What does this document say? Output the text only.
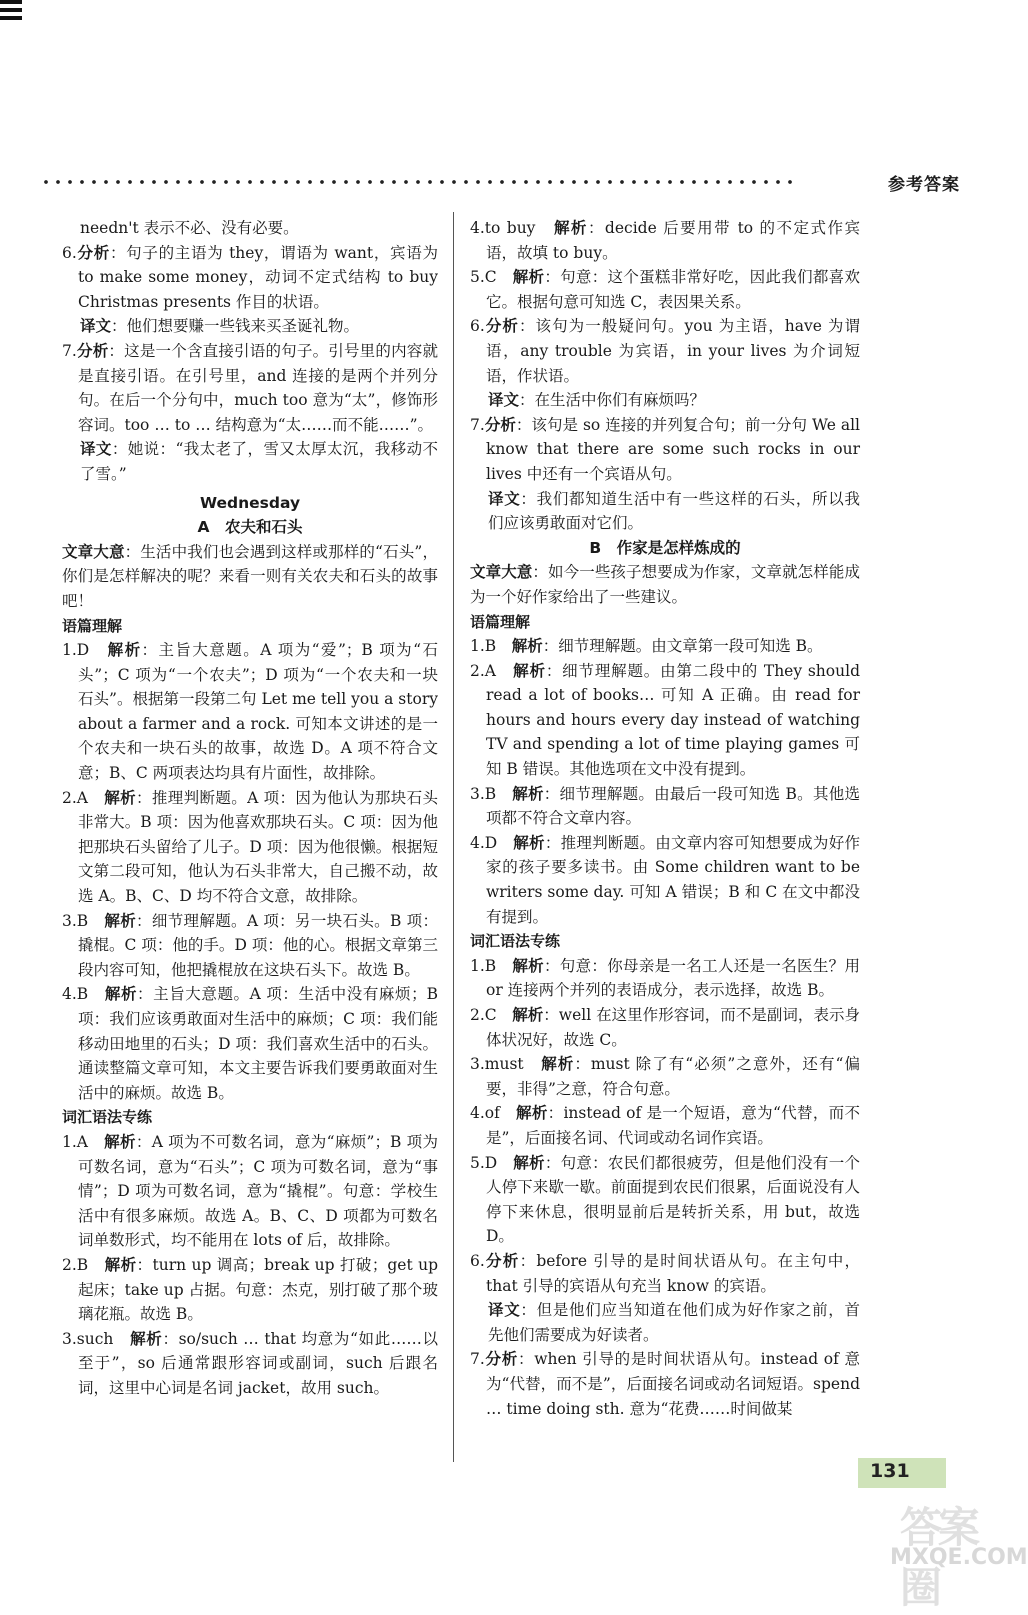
参考答案

needn't 表示不必、没有必要。

6.分析：句子的主语为 they，谓语为 want，宾语为 to make some money，动词不定式结构 to buy Christmas presents 作目的状语。

译文：他们想要赚一些钱来买圣诞礼物。

7.分析：这是一个含直接引语的句子。引号里的内容就是直接引语。在引号里，and 连接的是两个并列分句。在后一个分句中，much too 意为“太”，修饰形容词。too … to … 结构意为“太……而不能……”。

译文：她说：“我太老了，雪又太厚太沉，我移动不了雪。”

Wednesday

A　农夫和石头

文章大意：生活中我们也会遇到这样或那样的“石头”，你们是怎样解决的呢？来看一则有关农夫和石头的故事吧！

语篇理解

1.D　 解析：主旨大意题。A 项为“爱”；B 项为“石头”；C 项为“一个农夫”；D 项为“一个农夫和一块石头”。根据第一段第二句 Let me tell you a story about a farmer and a rock. 可知本文讲述的是一个农夫和一块石头的故事，故选 D。A 项不符合文意；B、C 两项表达均具有片面性，故排除。

2.A　 解析：推理判断题。A 项：因为他认为那块石头非常大。B 项：因为他喜欢那块石头。C 项：因为他把那块石头留给了儿子。D 项：因为他很懒。根据短文第二段可知，他认为石头非常大，自己搬不动，故选 A。B、C、D 均不符合文意，故排除。

3.B　 解析：细节理解题。A 项：另一块石头。B 项：撬棍。C 项：他的手。D 项：他的心。根据文章第三段内容可知，他把撬棍放在这块石头下。故选 B。

4.B　 解析：主旨大意题。A 项：生活中没有麻烦；B 项：我们应该勇敢面对生活中的麻烦；C 项：我们能移动田地里的石头；D 项：我们喜欢生活中的石头。通读整篇文章可知，本文主要告诉我们要勇敢面对生活中的麻烦。故选 B。

词汇语法专练

1.A　 解析：A 项为不可数名词，意为“麻烦”；B 项为可数名词，意为“石头”；C 项为可数名词，意为“事情”；D 项为可数名词，意为“撬棍”。句意：学校生活中有很多麻烦。故选 A。B、C、D 项都为可数名词单数形式，均不能用在 lots of 后，故排除。

2.B　 解析：turn up 调高；break up 打破；get up 起床；take up 占据。句意：杰克，别打破了那个玻璃花瓶。故选 B。

3.such　 解析：so/such … that 均意为“如此……以至于”，so 后通常跟形容词或副词，such 后跟名词，这里中心词是名词 jacket，故用 such。

4.to buy　 解析：decide 后要用带 to 的不定式作宾语，故填 to buy。

5.C　 解析：句意：这个蛋糕非常好吃，因此我们都喜欢它。根据句意可知选 C，表因果关系。

6.分析：该句为一般疑问句。you 为主语，have 为谓语，any trouble 为宾语，in your lives 为介词短语，作状语。

译文：在生活中你们有麻烦吗？

7.分析：该句是 so 连接的并列复合句；前一分句 We all know that there are some such rocks in our lives 中还有一个宾语从句。

译文：我们都知道生活中有一些这样的石头，所以我们应该勇敢面对它们。

B　作家是怎样炼成的

文章大意：如今一些孩子想要成为作家，文章就怎样能成为一个好作家给出了一些建议。

语篇理解

1.B　 解析：细节理解题。由文章第一段可知选 B。

2.A　 解析：细节理解题。由第二段中的 They should read a lot of books… 可知 A 正确。由 read for hours and hours every day instead of watching TV and spending a lot of time playing games 可知 B 错误。其他选项在文中没有提到。

3.B　 解析：细节理解题。由最后一段可知选 B。其他选项都不符合文章内容。

4.D　 解析：推理判断题。由文章内容可知想要成为好作家的孩子要多读书。由 Some children want to be writers some day. 可知 A 错误；B 和 C 在文中都没有提到。

词汇语法专练

1.B　 解析：句意：你母亲是一名工人还是一名医生？用 or 连接两个并列的表语成分，表示选择，故选 B。

2.C　 解析：well 在这里作形容词，而不是副词，表示身体状况好，故选 C。

3.must　 解析：must 除了有“必须”之意外，还有“偏要，非得”之意，符合句意。

4.of　 解析：instead of 是一个短语，意为“代替，而不是”，后面接名词、代词或动名词作宾语。

5.D　 解析：句意：农民们都很疲劳，但是他们没有一个人停下来歇一歇。前面提到农民们很累，后面说没有人停下来休息，很明显前后是转折关系，用 but，故选 D。

6.分析：before 引导的是时间状语从句。在主句中，that 引导的宾语从句充当 know 的宾语。

译文：但是他们应当知道在他们成为好作家之前，首先他们需要成为好读者。

7.分析：when 引导的是时间状语从句。instead of 意为“代替，而不是”，后面接名词或动名词短语。spend … time doing sth. 意为“花费……时间做某

131
答案圈
MXQE.COM
